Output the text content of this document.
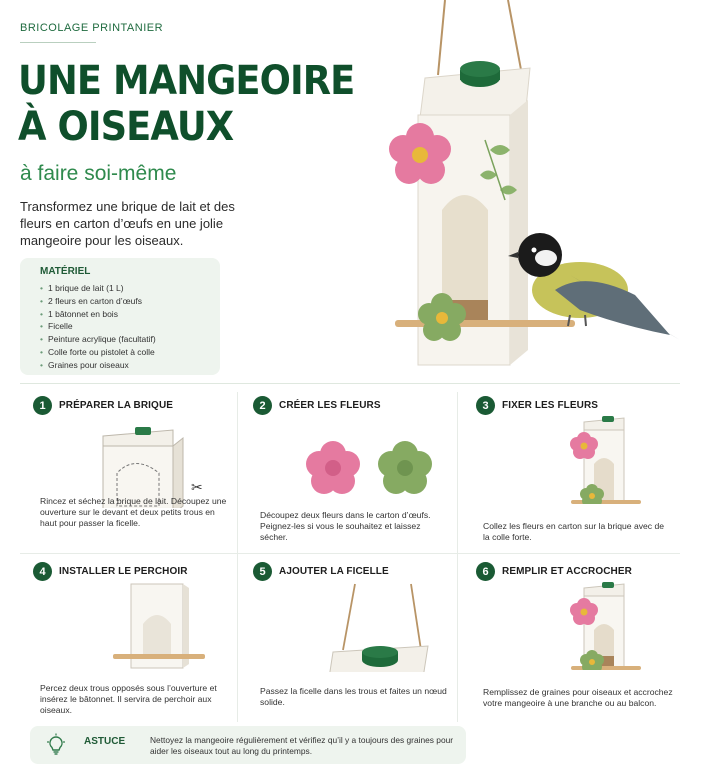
BRICOLAGE PRINTANIER
UNE MANGEOIRE
À OISEAUX
à faire soi-même
Transformez une brique de lait et des fleurs en carton d’œufs en une jolie mangeoire pour les oiseaux.
MATÉRIEL
• 1 brique de lait (1 L)
• 2 fleurs en carton d’œufs
• 1 bâtonnet en bois
• Ficelle
• Peinture acrylique (facultatif)
• Colle forte ou pistolet à colle
• Graines pour oiseaux
1	PRÉPARER LA BRIQUE
✂
Rincez et séchez la brique de lait. Découpez une ouverture sur le devant et deux petits trous en haut pour passer la ficelle.
2	CRÉER LES FLEURS
Découpez deux fleurs dans le carton d’œufs. Peignez-les si vous le souhaitez et laissez sécher.
3	FIXER LES FLEURS
Collez les fleurs en carton sur la brique avec de la colle forte.
4	INSTALLER LE PERCHOIR
Percez deux trous opposés sous l’ouverture et insérez le bâtonnet. Il servira de perchoir aux oiseaux.
5	AJOUTER LA FICELLE
Passez la ficelle dans les trous et faites un nœud solide.
6	REMPLIR ET ACCROCHER
Remplissez de graines pour oiseaux et accrochez votre mangeoire à une branche ou au balcon.
ASTUCE	Nettoyez la mangeoire régulièrement et vérifiez qu’il y a toujours des graines pour aider les oiseaux tout au long du printemps.
